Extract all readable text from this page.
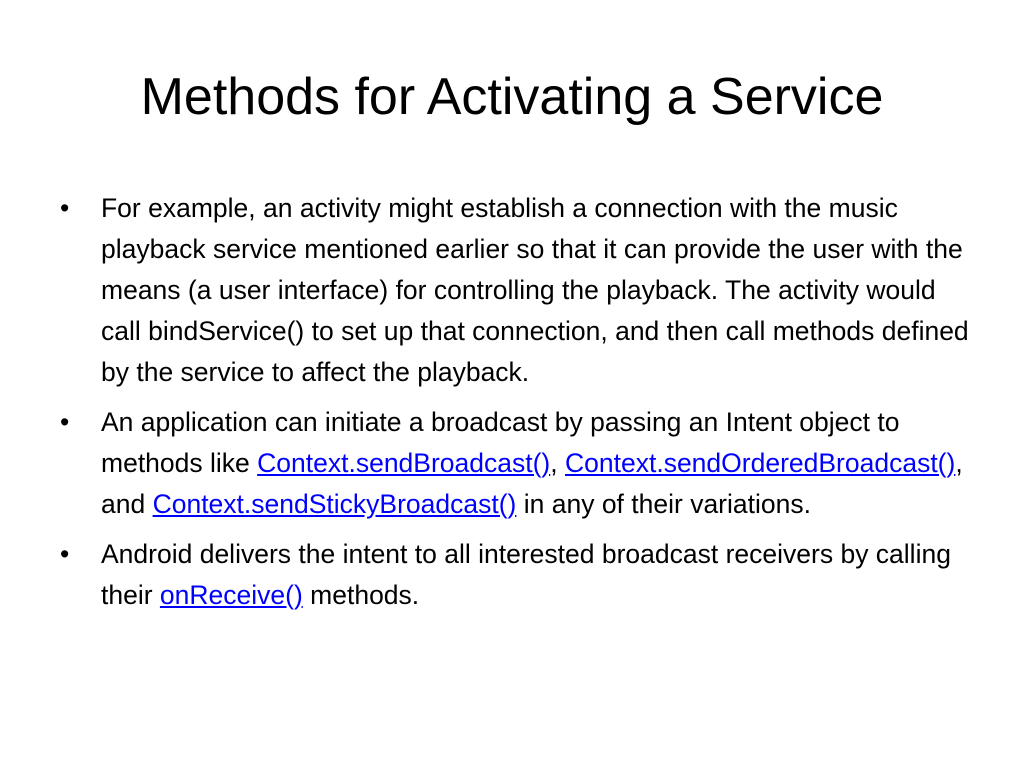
Methods for Activating a Service
• For example, an activity might establish a connection with the music playback service mentioned earlier so that it can provide the user with the means (a user interface) for controlling the playback. The activity would call bindService() to set up that connection, and then call methods defined by the service to affect the playback.
• An application can initiate a broadcast by passing an Intent object to methods like Context.sendBroadcast(), Context.sendOrderedBroadcast(), and Context.sendStickyBroadcast() in any of their variations.
• Android delivers the intent to all interested broadcast receivers by calling their onReceive() methods.
